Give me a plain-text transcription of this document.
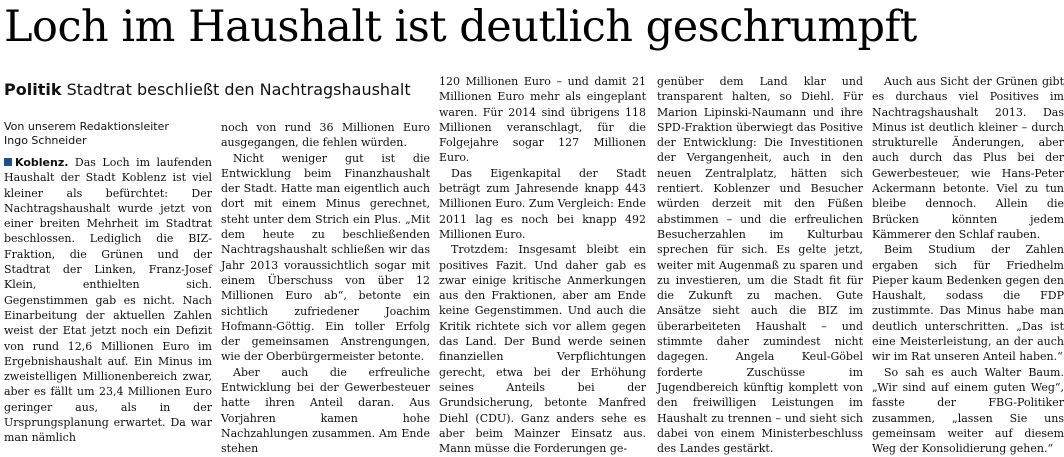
Loch im Haushalt ist deutlich geschrumpft
Politik Stadtrat beschließt den Nachtragshaushalt
Von unserem Redaktionsleiter
Ingo Schneider

Koblenz. Das Loch im laufenden Haushalt der Stadt Koblenz ist viel kleiner als befürchtet: Der Nachtragshaushalt wurde jetzt von einer breiten Mehrheit im Stadtrat beschlossen. Lediglich die BIZ-Fraktion, die Grünen und der Stadtrat der Linken, Franz-Josef Klein, enthielten sich. Gegenstimmen gab es nicht. Nach Einarbeitung der aktuellen Zahlen weist der Etat jetzt noch ein Defizit von rund 12,6 Millionen Euro im Ergebnishaushalt auf. Ein Minus im zweistelligen Millionenbereich zwar, aber es fällt um 23,4 Millionen Euro geringer aus, als in der Ursprungsplanung erwartet. Da war man nämlich

noch von rund 36 Millionen Euro ausgegangen, die fehlen würden.

Nicht weniger gut ist die Entwicklung beim Finanzhaushalt der Stadt. Hatte man eigentlich auch dort mit einem Minus gerechnet, steht unter dem Strich ein Plus. „Mit dem heute zu beschließenden Nachtragshaushalt schließen wir das Jahr 2013 voraussichtlich sogar mit einem Überschuss von über 12 Millionen Euro ab“, betonte ein sichtlich zufriedener Joachim Hofmann-Göttig. Ein toller Erfolg der gemeinsamen Anstrengungen, wie der Oberbürgermeister betonte.

Aber auch die erfreuliche Entwicklung bei der Gewerbesteuer hatte ihren Anteil daran. Aus Vorjahren kamen hohe Nachzahlungen zusammen. Am Ende stehen

120 Millionen Euro – und damit 21 Millionen Euro mehr als eingeplant waren. Für 2014 sind übrigens 118 Millionen veranschlagt, für die Folgejahre sogar 127 Millionen Euro.

Das Eigenkapital der Stadt beträgt zum Jahresende knapp 443 Millionen Euro. Zum Vergleich: Ende 2011 lag es noch bei knapp 492 Millionen Euro.

Trotzdem: Insgesamt bleibt ein positives Fazit. Und daher gab es zwar einige kritische Anmerkungen aus den Fraktionen, aber am Ende keine Gegenstimmen. Und auch die Kritik richtete sich vor allem gegen das Land. Der Bund werde seinen finanziellen Verpflichtungen gerecht, etwa bei der Erhöhung seines Anteils bei der Grundsicherung, betonte Manfred Diehl (CDU). Ganz anders sehe es aber beim Mainzer Einsatz aus. Mann müsse die Forderungen ge-

genüber dem Land klar und transparent halten, so Diehl. Für Marion Lipinski-Naumann und ihre SPD-Fraktion überwiegt das Positive der Entwicklung: Die Investitionen der Vergangenheit, auch in den neuen Zentralplatz, hätten sich rentiert. Koblenzer und Besucher würden derzeit mit den Füßen abstimmen – und die erfreulichen Besucherzahlen im Kulturbau sprechen für sich. Es gelte jetzt, weiter mit Augenmaß zu sparen und zu investieren, um die Stadt fit für die Zukunft zu machen. Gute Ansätze sieht auch die BIZ im überarbeiteten Haushalt – und stimmte daher zumindest nicht dagegen. Angela Keul-Göbel forderte Zuschüsse im Jugendbereich künftig komplett von den freiwilligen Leistungen im Haushalt zu trennen – und sieht sich dabei von einem Ministerbeschluss des Landes gestärkt.

Auch aus Sicht der Grünen gibt es durchaus viel Positives im Nachtragshaushalt 2013. Das Minus ist deutlich kleiner – durch strukturelle Änderungen, aber auch durch das Plus bei der Gewerbesteuer, wie Hans-Peter Ackermann betonte. Viel zu tun bleibe dennoch. Allein die Brücken könnten jedem Kämmerer den Schlaf rauben.

Beim Studium der Zahlen ergaben sich für Friedhelm Pieper kaum Bedenken gegen den Haushalt, sodass die FDP zustimmte. Das Minus habe man deutlich unterschritten. „Das ist eine Meisterleistung, an der auch wir im Rat unseren Anteil haben.“

So sah es auch Walter Baum. „Wir sind auf einem guten Weg“, fasste der FBG-Politiker zusammen, „lassen Sie uns gemeinsam weiter auf diesem Weg der Konsolidierung gehen.“
